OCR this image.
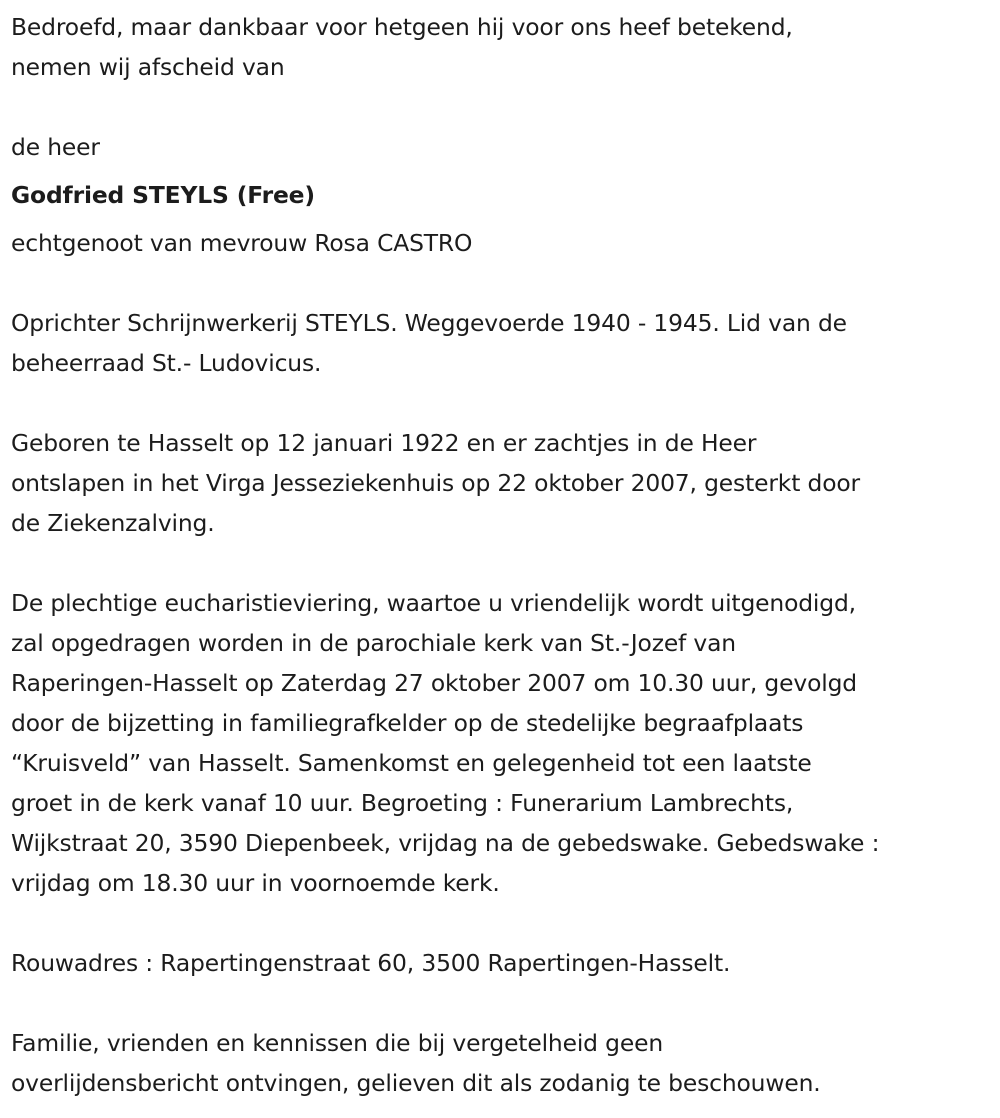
Bedroefd, maar dankbaar voor hetgeen hij voor ons heef betekend,

nemen wij afscheid van

de heer

Godfried STEYLS (Free)

echtgenoot van mevrouw Rosa CASTRO

Oprichter Schrijnwerkerij STEYLS. Weggevoerde 1940 - 1945. Lid van de

beheerraad St.- Ludovicus.

Geboren te Hasselt op 12 januari 1922 en er zachtjes in de Heer

ontslapen in het Virga Jesseziekenhuis op 22 oktober 2007, gesterkt door

de Ziekenzalving.

De plechtige eucharistieviering, waartoe u vriendelijk wordt uitgenodigd,

zal opgedragen worden in de parochiale kerk van St.-Jozef van

Raperingen-Hasselt op Zaterdag 27 oktober 2007 om 10.30 uur, gevolgd

door de bijzetting in familiegrafkelder op de stedelijke begraafplaats

“Kruisveld” van Hasselt. Samenkomst en gelegenheid tot een laatste

groet in de kerk vanaf 10 uur. Begroeting : Funerarium Lambrechts,

Wijkstraat 20, 3590 Diepenbeek, vrijdag na de gebedswake. Gebedswake :

vrijdag om 18.30 uur in voornoemde kerk.

Rouwadres : Rapertingenstraat 60, 3500 Rapertingen-Hasselt.

Familie, vrienden en kennissen die bij vergetelheid geen

overlijdensbericht ontvingen, gelieven dit als zodanig te beschouwen.
